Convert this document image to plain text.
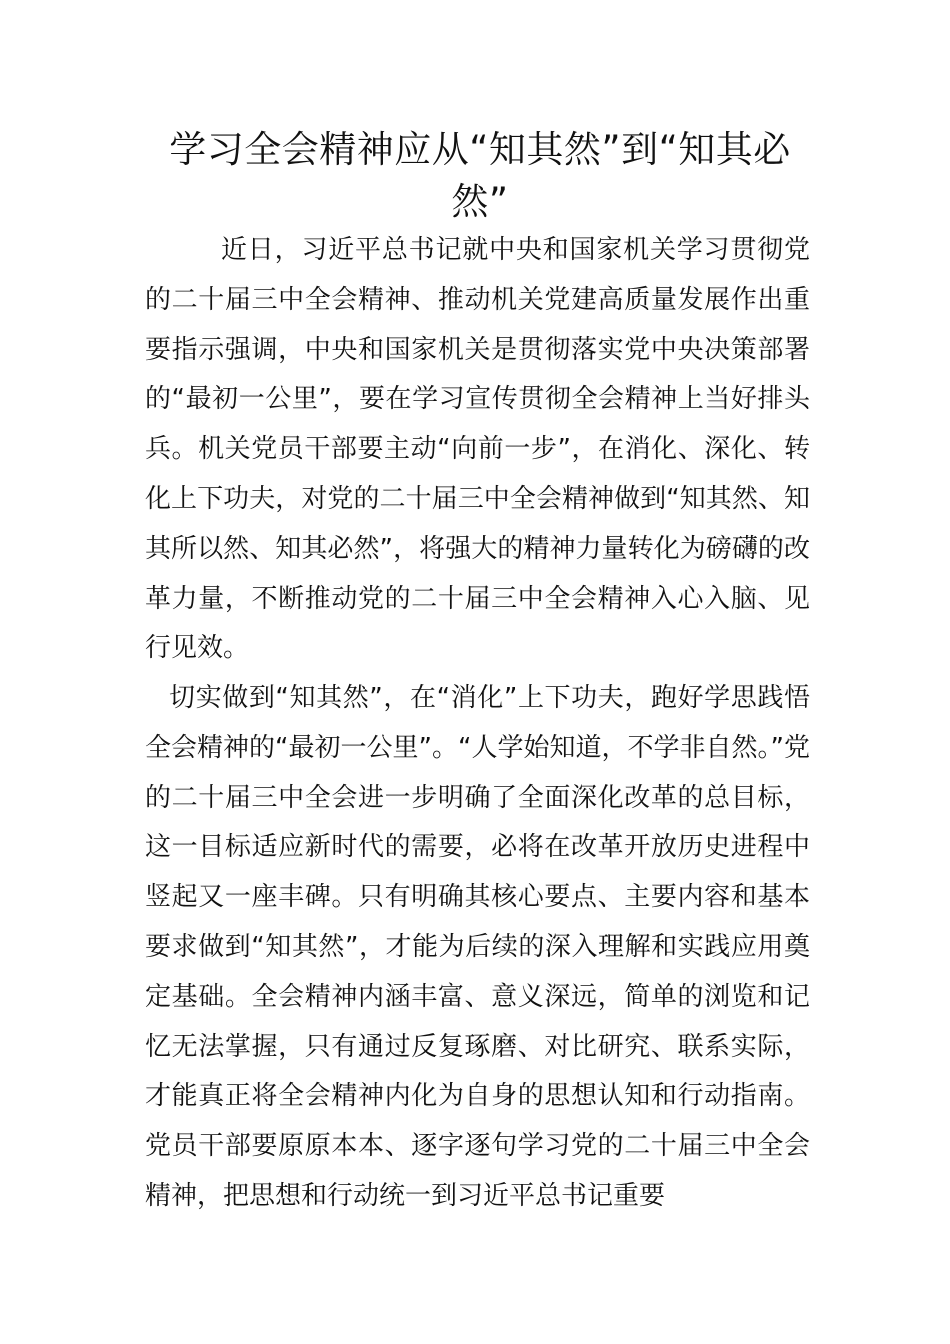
学习全会精神应从“知其然”到“知其必然”

近日，习近平总书记就中央和国家机关学习贯彻党的二十届三中全会精神、推动机关党建高质量发展作出重要指示强调，中央和国家机关是贯彻落实党中央决策部署的“最初一公里”，要在学习宣传贯彻全会精神上当好排头兵。机关党员干部要主动“向前一步”，在消化、深化、转化上下功夫，对党的二十届三中全会精神做到“知其然、知其所以然、知其必然”，将强大的精神力量转化为磅礴的改革力量，不断推动党的二十届三中全会精神入心入脑、见行见效。

切实做到“知其然”，在“消化”上下功夫，跑好学思践悟全会精神的“最初一公里”。“人学始知道，不学非自然。”党的二十届三中全会进一步明确了全面深化改革的总目标，这一目标适应新时代的需要，必将在改革开放历史进程中竖起又一座丰碑。只有明确其核心要点、主要内容和基本要求做到“知其然”，才能为后续的深入理解和实践应用奠定基础。全会精神内涵丰富、意义深远，简单的浏览和记忆无法掌握，只有通过反复琢磨、对比研究、联系实际，才能真正将全会精神内化为自身的思想认知和行动指南。党员干部要原原本本、逐字逐句学习党的二十届三中全会精神，把思想和行动统一到习近平总书记重要
